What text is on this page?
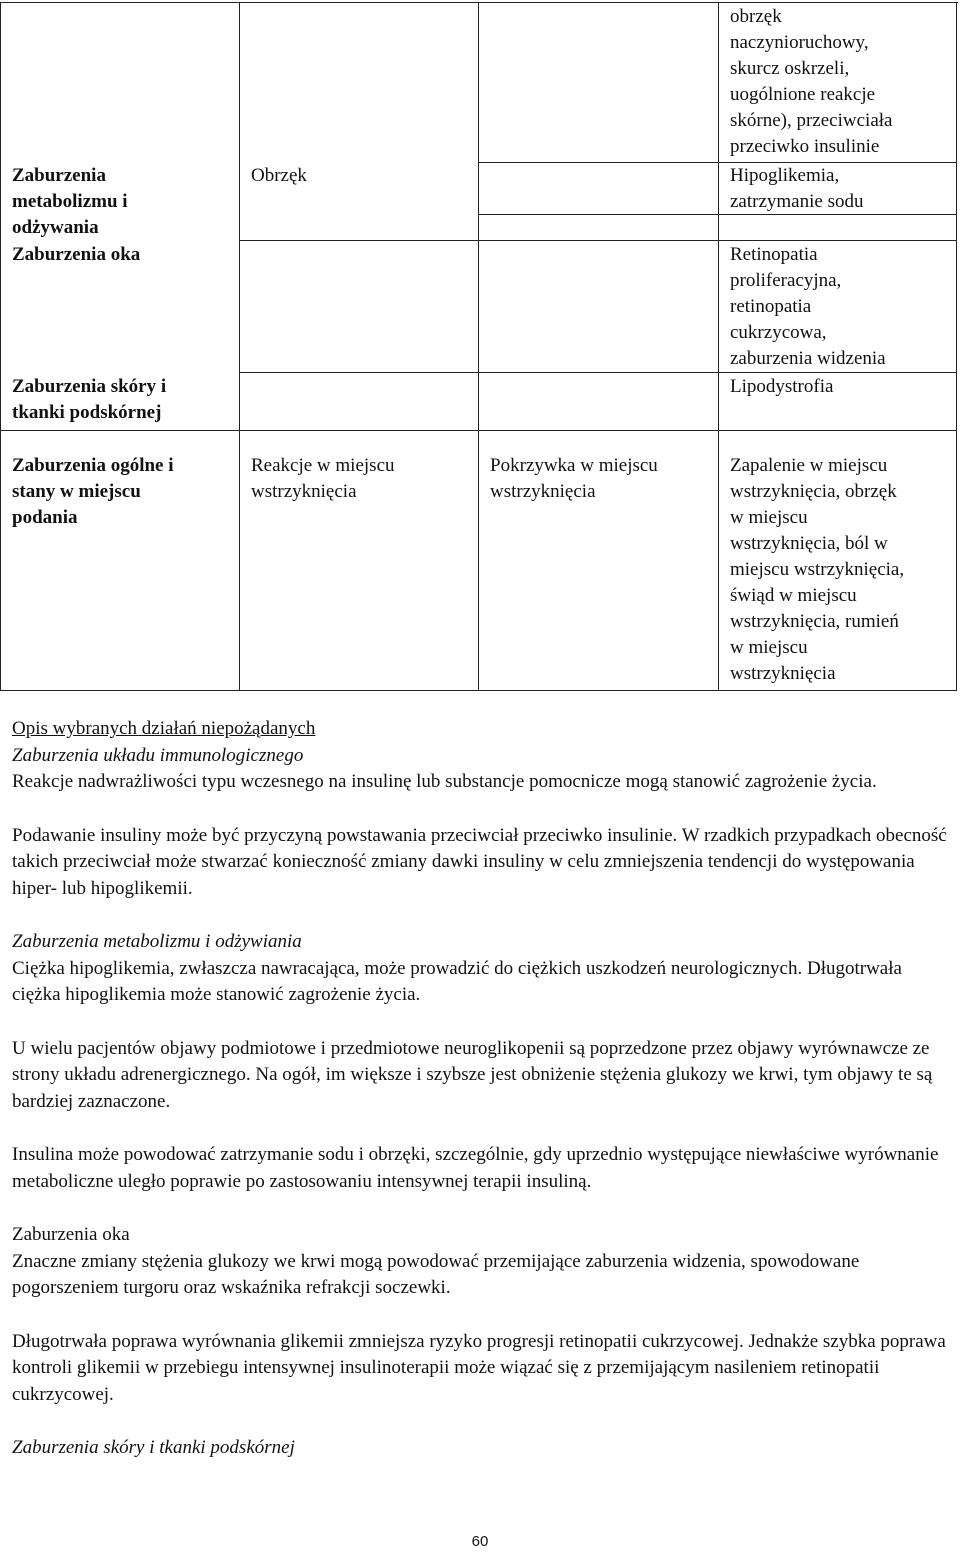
Zaburzenia
metabolizmu i
odżywania
Zaburzenia oka
Zaburzenia skóry i
tkanki podskórnej
Zaburzenia ogólne i
stany w miejscu
podania
Obrzęk
Reakcje w miejscu
wstrzyknięcia
Pokrzywka w miejscu
wstrzyknięcia
obrzęk
naczynioruchowy,
skurcz oskrzeli,
uogólnione reakcje
skórne), przeciwciała
przeciwko insulinie
Hipoglikemia,
zatrzymanie sodu
Retinopatia
proliferacyjna,
retinopatia
cukrzycowa,
zaburzenia widzenia
Lipodystrofia
Zapalenie w miejscu
wstrzyknięcia, obrzęk
w miejscu
wstrzyknięcia, ból w
miejscu wstrzyknięcia,
świąd w miejscu
wstrzyknięcia, rumień
w miejscu
wstrzyknięcia

Opis wybranych działań niepożądanych

Zaburzenia układu immunologicznego

Reakcje nadwrażliwości typu wczesnego na insulinę lub substancje pomocnicze mogą stanowić zagrożenie życia.

Podawanie insuliny może być przyczyną powstawania przeciwciał przeciwko insulinie. W rzadkich przypadkach obecność takich przeciwciał może stwarzać konieczność zmiany dawki insuliny w celu zmniejszenia tendencji do występowania hiper- lub hipoglikemii.

Zaburzenia metabolizmu i odżywiania

Ciężka hipoglikemia, zwłaszcza nawracająca, może prowadzić do ciężkich uszkodzeń neurologicznych. Długotrwała ciężka hipoglikemia może stanowić zagrożenie życia.

U wielu pacjentów objawy podmiotowe i przedmiotowe neuroglikopenii są poprzedzone przez objawy wyrównawcze ze strony układu adrenergicznego. Na ogół, im większe i szybsze jest obniżenie stężenia glukozy we krwi, tym objawy te są bardziej zaznaczone.

Insulina może powodować zatrzymanie sodu i obrzęki, szczególnie, gdy uprzednio występujące niewłaściwe wyrównanie metaboliczne uległo poprawie po zastosowaniu intensywnej terapii insuliną.

Zaburzenia oka

Znaczne zmiany stężenia glukozy we krwi mogą powodować przemijające zaburzenia widzenia, spowodowane pogorszeniem turgoru oraz wskaźnika refrakcji soczewki.

Długotrwała poprawa wyrównania glikemii zmniejsza ryzyko progresji retinopatii cukrzycowej. Jednakże szybka poprawa kontroli glikemii w przebiegu intensywnej insulinoterapii może wiązać się z przemijającym nasileniem retinopatii cukrzycowej.

Zaburzenia skóry i tkanki podskórnej

60
